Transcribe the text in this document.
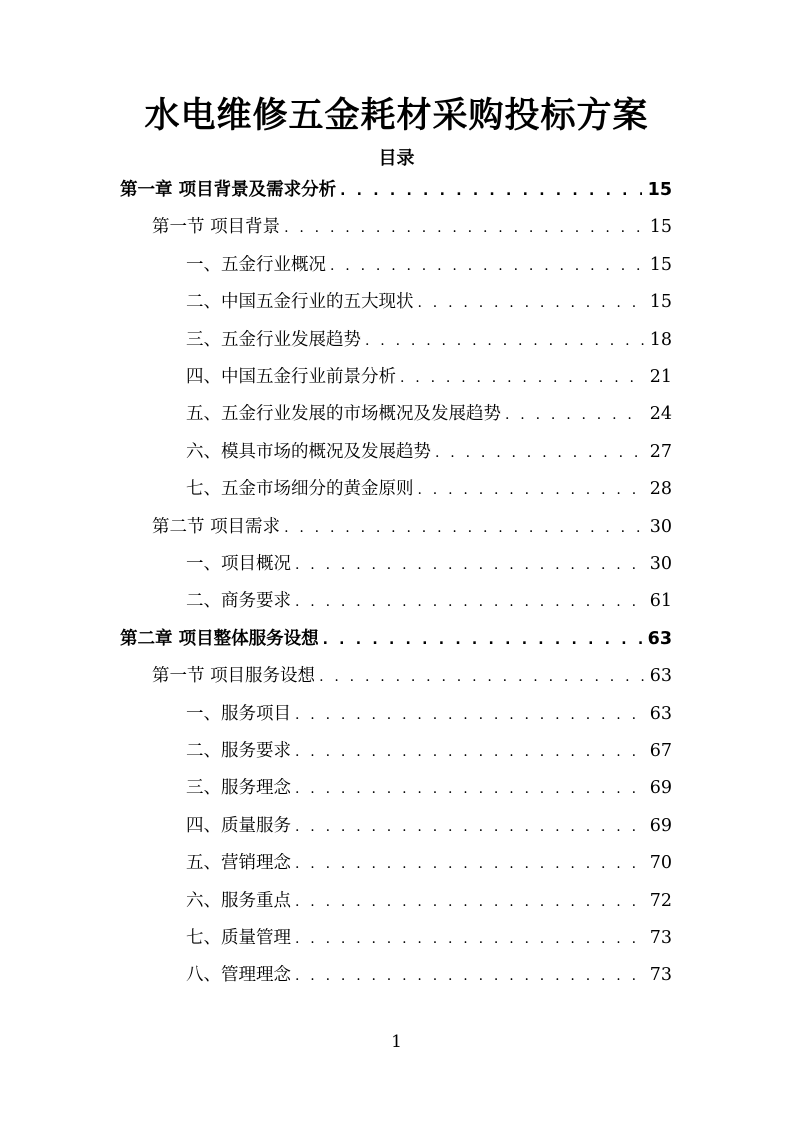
水电维修五金耗材采购投标方案
目录
第一章 项目背景及需求分析 . . .	15
第一节 项目背景 . . .	15
一、五金行业概况 . . .	15
二、中国五金行业的五大现状 . . .	15
三、五金行业发展趋势 . . .	18
四、中国五金行业前景分析 . . .	21
五、五金行业发展的市场概况及发展趋势 . . .	24
六、模具市场的概况及发展趋势 . . .	27
七、五金市场细分的黄金原则 . . .	28
第二节 项目需求 . . .	30
一、项目概况 . . .	30
二、商务要求 . . .	61
第二章 项目整体服务设想 . . .	63
第一节 项目服务设想 . . .	63
一、服务项目 . . .	63
二、服务要求 . . .	67
三、服务理念 . . .	69
四、质量服务 . . .	69
五、营销理念 . . .	70
六、服务重点 . . .	72
七、质量管理 . . .	73
八、管理理念 . . .	73
1
